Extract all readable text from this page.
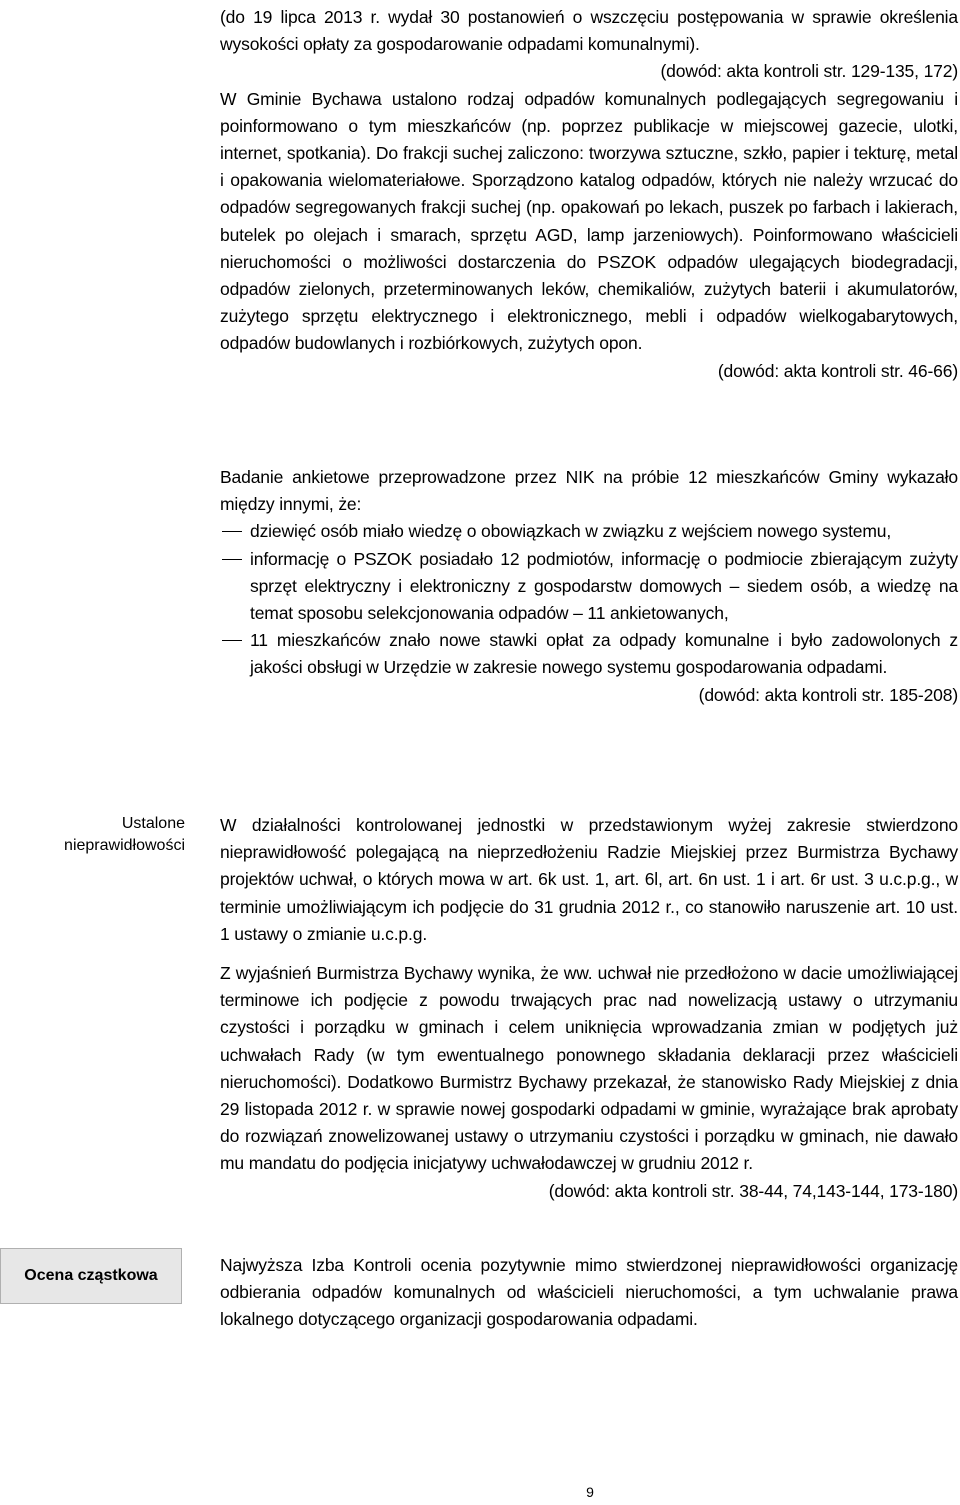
(do 19 lipca 2013 r. wydał 30 postanowień o wszczęciu postępowania w sprawie określenia wysokości opłaty za gospodarowanie odpadami komunalnymi).

(dowód: akta kontroli str. 129-135, 172)

W Gminie Bychawa ustalono rodzaj odpadów komunalnych podlegających segregowaniu i poinformowano o tym mieszkańców (np. poprzez publikacje w miejscowej gazecie, ulotki, internet, spotkania). Do frakcji suchej zaliczono: tworzywa sztuczne, szkło, papier i tekturę, metal i opakowania wielomateriałowe. Sporządzono katalog odpadów, których nie należy wrzucać do odpadów segregowanych frakcji suchej (np. opakowań po lekach, puszek po farbach i lakierach, butelek po olejach i smarach, sprzętu AGD, lamp jarzeniowych). Poinformowano właścicieli nieruchomości o możliwości dostarczenia do PSZOK odpadów ulegających biodegradacji, odpadów zielonych, przeterminowanych leków, chemikaliów, zużytych baterii i akumulatorów, zużytego sprzętu elektrycznego i elektronicznego, mebli i odpadów wielkogabarytowych, odpadów budowlanych i rozbiórkowych, zużytych opon.

(dowód: akta kontroli str. 46-66)

Badanie ankietowe przeprowadzone przez NIK na próbie 12 mieszkańców Gminy wykazało między innymi, że:

dziewięć osób miało wiedzę o obowiązkach w związku z wejściem nowego systemu,
informację o PSZOK posiadało 12 podmiotów, informację o podmiocie zbierającym zużyty sprzęt elektryczny i elektroniczny z gospodarstw domowych – siedem osób, a wiedzę na temat sposobu selekcjonowania odpadów – 11 ankietowanych,
11 mieszkańców znało nowe stawki opłat za odpady komunalne i było zadowolonych z jakości obsługi w Urzędzie w zakresie nowego systemu gospodarowania odpadami.

(dowód: akta kontroli str. 185-208)

Ustalone nieprawidłowości

W działalności kontrolowanej jednostki w przedstawionym wyżej zakresie stwierdzono nieprawidłowość polegającą na nieprzedłożeniu Radzie Miejskiej przez Burmistrza Bychawy projektów uchwał, o których mowa w art. 6k ust. 1, art. 6l, art. 6n ust. 1 i art. 6r ust. 3 u.c.p.g., w terminie umożliwiającym ich podjęcie do 31 grudnia 2012 r., co stanowiło naruszenie art. 10 ust. 1 ustawy o zmianie u.c.p.g.

Z wyjaśnień Burmistrza Bychawy wynika, że ww. uchwał nie przedłożono w dacie umożliwiającej terminowe ich podjęcie z powodu trwających prac nad nowelizacją ustawy o utrzymaniu czystości i porządku w gminach i celem uniknięcia wprowadzania zmian w podjętych już uchwałach Rady (w tym ewentualnego ponownego składania deklaracji przez właścicieli nieruchomości). Dodatkowo Burmistrz Bychawy przekazał, że stanowisko Rady Miejskiej z dnia 29 listopada 2012 r. w sprawie nowej gospodarki odpadami w gminie, wyrażające brak aprobaty do rozwiązań znowelizowanej ustawy o utrzymaniu czystości i porządku w gminach, nie dawało mu mandatu do podjęcia inicjatywy uchwałodawczej w grudniu 2012 r.

(dowód: akta kontroli str. 38-44, 74,143-144, 173-180)

Ocena cząstkowa

Najwyższa Izba Kontroli ocenia pozytywnie mimo stwierdzonej nieprawidłowości organizację odbierania odpadów komunalnych od właścicieli nieruchomości, a tym uchwalanie prawa lokalnego dotyczącego organizacji gospodarowania odpadami.

9
